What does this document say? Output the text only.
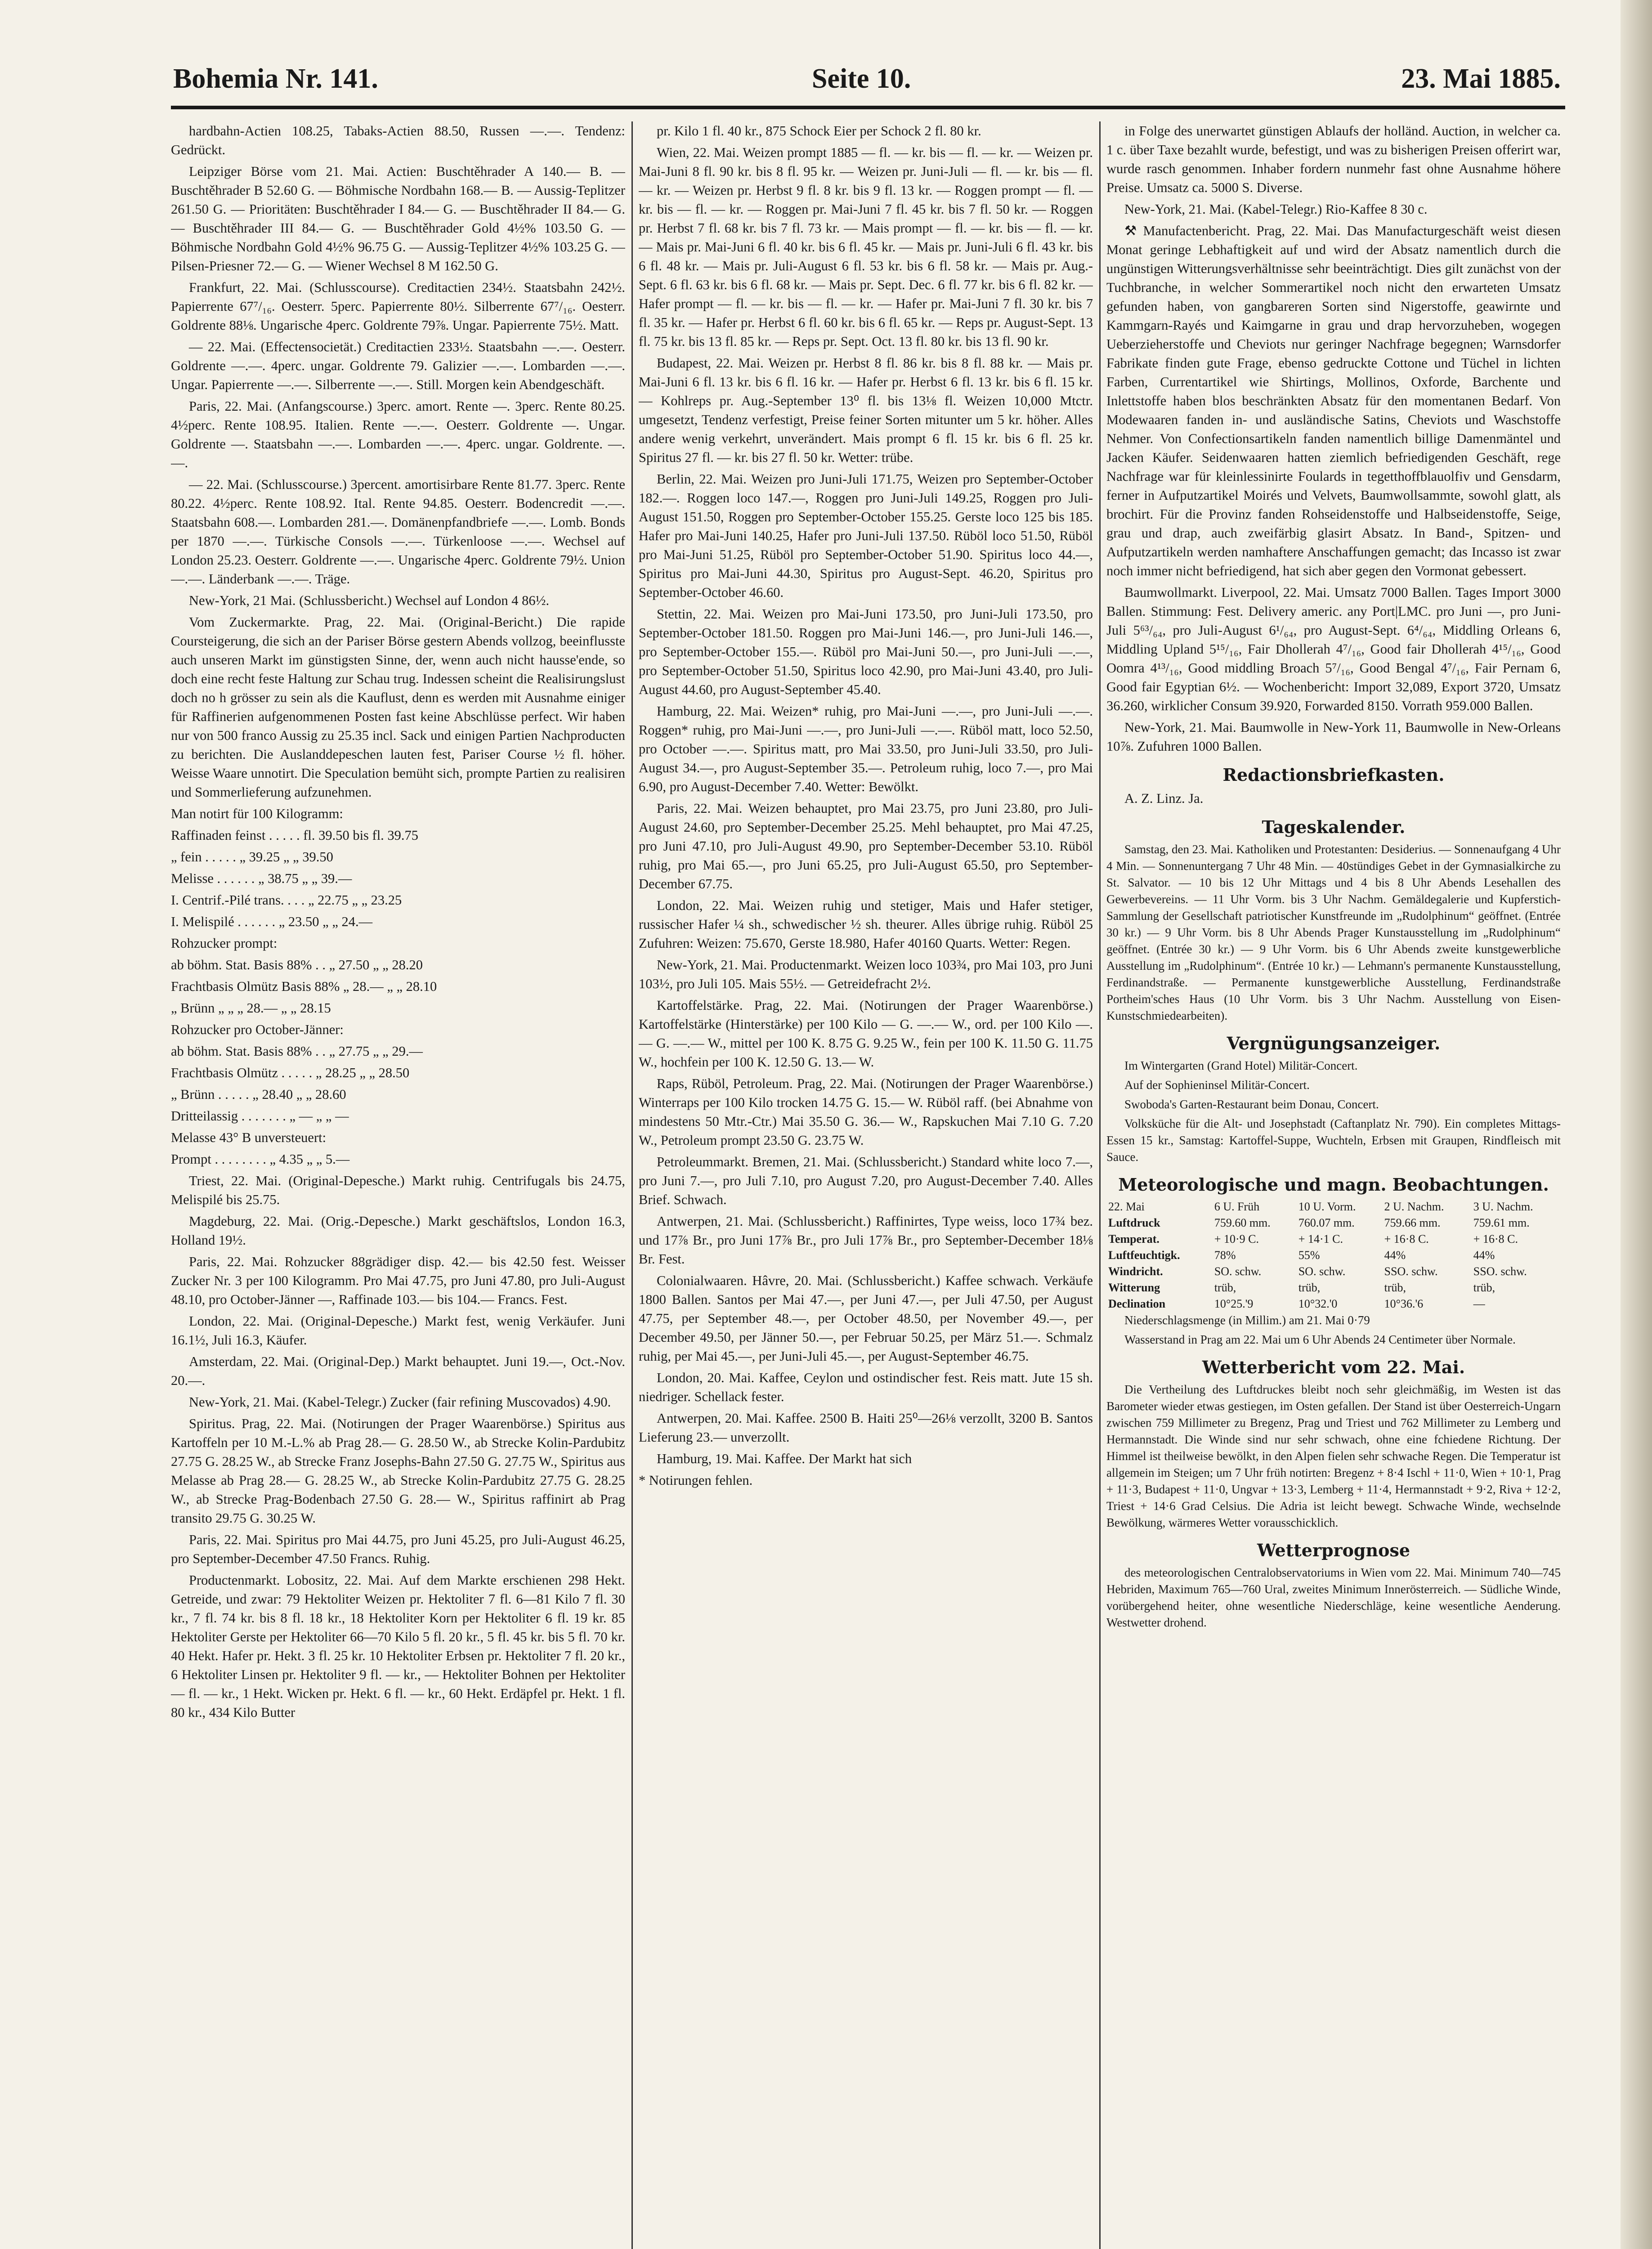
Bohemia Nr. 141.	Seite 10.	23. Mai 1885.

hardbahn-Actien 108.25, Tabaks-Actien 88.50, Russen —.—. Tendenz: Gedrückt.

Leipziger Börse vom 21. Mai. Actien: Buschtěhrader A 140.— B. — Buschtěhrader B 52.60 G. — Böhmische Nordbahn 168.— B. — Aussig-Teplitzer 261.50 G. — Prioritäten: Buschtěhrader I 84.— G. — Buschtěhrader II 84.— G. — Buschtěhrader III 84.— G. — Buschtěhrader Gold 4½% 103.50 G. — Böhmische Nordbahn Gold 4½% 96.75 G. — Aussig-Teplitzer 4½% 103.25 G. — Pilsen-Priesner 72.— G. — Wiener Wechsel 8 M 162.50 G.

Frankfurt, 22. Mai. (Schlusscourse). Creditactien 234½. Staatsbahn 242½. Papierrente 67⁷/₁₆. Oesterr. 5perc. Papierrente 80½. Silberrente 67⁷/₁₆. Oesterr. Goldrente 88⅛. Ungarische 4perc. Goldrente 79⅞. Ungar. Papierrente 75½. Matt.

— 22. Mai. (Effectensocietät.) Creditactien 233½. Staatsbahn —.—. Oesterr. Goldrente —.—. 4perc. ungar. Goldrente 79. Galizier —.—. Lombarden —.—. Ungar. Papierrente —.—. Silberrente —.—. Still. Morgen kein Abendgeschäft.

Paris, 22. Mai. (Anfangscourse.) 3perc. amort. Rente —. 3perc. Rente 80.25. 4½perc. Rente 108.95. Italien. Rente —.—. Oesterr. Goldrente —. Ungar. Goldrente —. Staatsbahn —.—. Lombarden —.—. 4perc. ungar. Goldrente. —.—.

— 22. Mai. (Schlusscourse.) 3percent. amortisirbare Rente 81.77. 3perc. Rente 80.22. 4½perc. Rente 108.92. Ital. Rente 94.85. Oesterr. Bodencredit —.—. Staatsbahn 608.—. Lombarden 281.—. Domänenpfandbriefe —.—. Lomb. Bonds per 1870 —.—. Türkische Consols —.—. Türkenloose —.—. Wechsel auf London 25.23. Oesterr. Goldrente —.—. Ungarische 4perc. Goldrente 79½. Union —.—. Länderbank —.—. Träge.

New-York, 21 Mai. (Schlussbericht.) Wechsel auf London 4 86½.

Vom Zuckermarkte. Prag, 22. Mai. (Original-Bericht.) Die rapide Coursteigerung, die sich an der Pariser Börse gestern Abends vollzog, beeinflusste auch unseren Markt im günstigsten Sinne, der, wenn auch nicht hausse'ende, so doch eine recht feste Haltung zur Schau trug. Indessen scheint die Realisirungslust doch no h grösser zu sein als die Kauflust, denn es werden mit Ausnahme einiger für Raffinerien aufgenommenen Posten fast keine Abschlüsse perfect. Wir haben nur von 500 franco Aussig zu 25.35 incl. Sack und einigen Partien Nachproducten zu berichten. Die Auslanddepeschen lauten fest, Pariser Course ½ fl. höher. Weisse Waare unnotirt. Die Speculation bemüht sich, prompte Partien zu realisiren und Sommerlieferung aufzunehmen.

Man notirt für 100 Kilogramm:

Raffinaden feinst . . . . . fl. 39.50 bis fl. 39.75

„ fein . . . . . „ 39.25 „ „ 39.50

Melisse . . . . . . „ 38.75 „ „ 39.—

I. Centrif.-Pilé trans. . . . „ 22.75 „ „ 23.25

I. Melispilé . . . . . . „ 23.50 „ „ 24.—

Rohzucker prompt:

ab böhm. Stat. Basis 88% . . „ 27.50 „ „ 28.20

Frachtbasis Olmütz Basis 88% „ 28.— „ „ 28.10

„ Brünn „ „ „ 28.— „ „ 28.15

Rohzucker pro October-Jänner:

ab böhm. Stat. Basis 88% . . „ 27.75 „ „ 29.—

Frachtbasis Olmütz . . . . . „ 28.25 „ „ 28.50

„ Brünn . . . . . „ 28.40 „ „ 28.60

Dritteilassig . . . . . . . „ — „ „ —

Melasse 43° B unversteuert:

Prompt . . . . . . . . „ 4.35 „ „ 5.—

Triest, 22. Mai. (Original-Depesche.) Markt ruhig. Centrifugals bis 24.75, Melispilé bis 25.75.

Magdeburg, 22. Mai. (Orig.-Depesche.) Markt geschäftslos, London 16.3, Holland 19½.

Paris, 22. Mai. Rohzucker 88grädiger disp. 42.— bis 42.50 fest. Weisser Zucker Nr. 3 per 100 Kilogramm. Pro Mai 47.75, pro Juni 47.80, pro Juli-August 48.10, pro October-Jänner —, Raffinade 103.— bis 104.— Francs. Fest.

London, 22. Mai. (Original-Depesche.) Markt fest, wenig Verkäufer. Juni 16.1½, Juli 16.3, Käufer.

Amsterdam, 22. Mai. (Original-Dep.) Markt behauptet. Juni 19.—, Oct.-Nov. 20.—.

New-York, 21. Mai. (Kabel-Telegr.) Zucker (fair refining Muscovados) 4.90.

Spiritus. Prag, 22. Mai. (Notirungen der Prager Waarenbörse.) Spiritus aus Kartoffeln per 10 M.-L.% ab Prag 28.— G. 28.50 W., ab Strecke Kolin-Pardubitz 27.75 G. 28.25 W., ab Strecke Franz Josephs-Bahn 27.50 G. 27.75 W., Spiritus aus Melasse ab Prag 28.— G. 28.25 W., ab Strecke Kolin-Pardubitz 27.75 G. 28.25 W., ab Strecke Prag-Bodenbach 27.50 G. 28.— W., Spiritus raffinirt ab Prag transito 29.75 G. 30.25 W.

Paris, 22. Mai. Spiritus pro Mai 44.75, pro Juni 45.25, pro Juli-August 46.25, pro September-December 47.50 Francs. Ruhig.

Productenmarkt. Lobositz, 22. Mai. Auf dem Markte erschienen 298 Hekt. Getreide, und zwar: 79 Hektoliter Weizen pr. Hektoliter 7 fl. 6—81 Kilo 7 fl. 30 kr., 7 fl. 74 kr. bis 8 fl. 18 kr., 18 Hektoliter Korn per Hektoliter 6 fl. 19 kr. 85 Hektoliter Gerste per Hektoliter 66—70 Kilo 5 fl. 20 kr., 5 fl. 45 kr. bis 5 fl. 70 kr. 40 Hekt. Hafer pr. Hekt. 3 fl. 25 kr. 10 Hektoliter Erbsen pr. Hektoliter 7 fl. 20 kr., 6 Hektoliter Linsen pr. Hektoliter 9 fl. — kr., — Hektoliter Bohnen per Hektoliter — fl. — kr., 1 Hekt. Wicken pr. Hekt. 6 fl. — kr., 60 Hekt. Erdäpfel pr. Hekt. 1 fl. 80 kr., 434 Kilo Butter

pr. Kilo 1 fl. 40 kr., 875 Schock Eier per Schock 2 fl. 80 kr.

Wien, 22. Mai. Weizen prompt 1885 — fl. — kr. bis — fl. — kr. — Weizen pr. Mai-Juni 8 fl. 90 kr. bis 8 fl. 95 kr. — Weizen pr. Juni-Juli — fl. — kr. bis — fl. — kr. — Weizen pr. Herbst 9 fl. 8 kr. bis 9 fl. 13 kr. — Roggen prompt — fl. — kr. bis — fl. — kr. — Roggen pr. Mai-Juni 7 fl. 45 kr. bis 7 fl. 50 kr. — Roggen pr. Herbst 7 fl. 68 kr. bis 7 fl. 73 kr. — Mais prompt — fl. — kr. bis — fl. — kr. — Mais pr. Mai-Juni 6 fl. 40 kr. bis 6 fl. 45 kr. — Mais pr. Juni-Juli 6 fl. 43 kr. bis 6 fl. 48 kr. — Mais pr. Juli-August 6 fl. 53 kr. bis 6 fl. 58 kr. — Mais pr. Aug.-Sept. 6 fl. 63 kr. bis 6 fl. 68 kr. — Mais pr. Sept. Dec. 6 fl. 77 kr. bis 6 fl. 82 kr. — Hafer prompt — fl. — kr. bis — fl. — kr. — Hafer pr. Mai-Juni 7 fl. 30 kr. bis 7 fl. 35 kr. — Hafer pr. Herbst 6 fl. 60 kr. bis 6 fl. 65 kr. — Reps pr. August-Sept. 13 fl. 75 kr. bis 13 fl. 85 kr. — Reps pr. Sept. Oct. 13 fl. 80 kr. bis 13 fl. 90 kr.

Budapest, 22. Mai. Weizen pr. Herbst 8 fl. 86 kr. bis 8 fl. 88 kr. — Mais pr. Mai-Juni 6 fl. 13 kr. bis 6 fl. 16 kr. — Hafer pr. Herbst 6 fl. 13 kr. bis 6 fl. 15 kr. — Kohlreps pr. Aug.-September 13⁰ fl. bis 13⅛ fl. Weizen 10,000 Mtctr. umgesetzt, Tendenz verfestigt, Preise feiner Sorten mitunter um 5 kr. höher. Alles andere wenig verkehrt, unverändert. Mais prompt 6 fl. 15 kr. bis 6 fl. 25 kr. Spiritus 27 fl. — kr. bis 27 fl. 50 kr. Wetter: trübe.

Berlin, 22. Mai. Weizen pro Juni-Juli 171.75, Weizen pro September-October 182.—. Roggen loco 147.—, Roggen pro Juni-Juli 149.25, Roggen pro Juli-August 151.50, Roggen pro September-October 155.25. Gerste loco 125 bis 185. Hafer pro Mai-Juni 140.25, Hafer pro Juni-Juli 137.50. Rüböl loco 51.50, Rüböl pro Mai-Juni 51.25, Rüböl pro September-October 51.90. Spiritus loco 44.—, Spiritus pro Mai-Juni 44.30, Spiritus pro August-Sept. 46.20, Spiritus pro September-October 46.60.

Stettin, 22. Mai. Weizen pro Mai-Juni 173.50, pro Juni-Juli 173.50, pro September-October 181.50. Roggen pro Mai-Juni 146.—, pro Juni-Juli 146.—, pro September-October 155.—. Rüböl pro Mai-Juni 50.—, pro Juni-Juli —.—, pro September-October 51.50, Spiritus loco 42.90, pro Mai-Juni 43.40, pro Juli-August 44.60, pro August-September 45.40.

Hamburg, 22. Mai. Weizen* ruhig, pro Mai-Juni —.—, pro Juni-Juli —.—. Roggen* ruhig, pro Mai-Juni —.—, pro Juni-Juli —.—. Rüböl matt, loco 52.50, pro October —.—. Spiritus matt, pro Mai 33.50, pro Juni-Juli 33.50, pro Juli-August 34.—, pro August-September 35.—. Petroleum ruhig, loco 7.—, pro Mai 6.90, pro August-December 7.40. Wetter: Bewölkt.

Paris, 22. Mai. Weizen behauptet, pro Mai 23.75, pro Juni 23.80, pro Juli-August 24.60, pro September-December 25.25. Mehl behauptet, pro Mai 47.25, pro Juni 47.10, pro Juli-August 49.90, pro September-December 53.10. Rüböl ruhig, pro Mai 65.—, pro Juni 65.25, pro Juli-August 65.50, pro September-December 67.75.

London, 22. Mai. Weizen ruhig und stetiger, Mais und Hafer stetiger, russischer Hafer ¼ sh., schwedischer ½ sh. theurer. Alles übrige ruhig. Rüböl 25 Zufuhren: Weizen: 75.670, Gerste 18.980, Hafer 40160 Quarts. Wetter: Regen.

New-York, 21. Mai. Productenmarkt. Weizen loco 103¾, pro Mai 103, pro Juni 103½, pro Juli 105. Mais 55½. — Getreidefracht 2½.

Kartoffelstärke. Prag, 22. Mai. (Notirungen der Prager Waarenbörse.) Kartoffelstärke (Hinterstärke) per 100 Kilo — G. —.— W., ord. per 100 Kilo —.— G. —.— W., mittel per 100 K. 8.75 G. 9.25 W., fein per 100 K. 11.50 G. 11.75 W., hochfein per 100 K. 12.50 G. 13.— W.

Raps, Rüböl, Petroleum. Prag, 22. Mai. (Notirungen der Prager Waarenbörse.) Winterraps per 100 Kilo trocken 14.75 G. 15.— W. Rüböl raff. (bei Abnahme von mindestens 50 Mtr.-Ctr.) Mai 35.50 G. 36.— W., Rapskuchen Mai 7.10 G. 7.20 W., Petroleum prompt 23.50 G. 23.75 W.

Petroleummarkt. Bremen, 21. Mai. (Schlussbericht.) Standard white loco 7.—, pro Juni 7.—, pro Juli 7.10, pro August 7.20, pro August-December 7.40. Alles Brief. Schwach.

Antwerpen, 21. Mai. (Schlussbericht.) Raffinirtes, Type weiss, loco 17¾ bez. und 17⅞ Br., pro Juni 17⅞ Br., pro Juli 17⅞ Br., pro September-December 18⅛ Br. Fest.

Colonialwaaren. Hâvre, 20. Mai. (Schlussbericht.) Kaffee schwach. Verkäufe 1800 Ballen. Santos per Mai 47.—, per Juni 47.—, per Juli 47.50, per August 47.75, per September 48.—, per October 48.50, per November 49.—, per December 49.50, per Jänner 50.—, per Februar 50.25, per März 51.—. Schmalz ruhig, per Mai 45.—, per Juni-Juli 45.—, per August-September 46.75.

London, 20. Mai. Kaffee, Ceylon und ostindischer fest. Reis matt. Jute 15 sh. niedriger. Schellack fester.

Antwerpen, 20. Mai. Kaffee. 2500 B. Haiti 25⁰—26⅛ verzollt, 3200 B. Santos Lieferung 23.— unverzollt.

Hamburg, 19. Mai. Kaffee. Der Markt hat sich

* Notirungen fehlen.

in Folge des unerwartet günstigen Ablaufs der holländ. Auction, in welcher ca. 1 c. über Taxe bezahlt wurde, befestigt, und was zu bisherigen Preisen offerirt war, wurde rasch genommen. Inhaber fordern nunmehr fast ohne Ausnahme höhere Preise. Umsatz ca. 5000 S. Diverse.

New-York, 21. Mai. (Kabel-Telegr.) Rio-Kaffee 8 30 c.

⚒ Manufactenbericht. Prag, 22. Mai. Das Manufacturgeschäft weist diesen Monat geringe Lebhaftigkeit auf und wird der Absatz namentlich durch die ungünstigen Witterungsverhältnisse sehr beeinträchtigt. Dies gilt zunächst von der Tuchbranche, in welcher Sommerartikel noch nicht den erwarteten Umsatz gefunden haben, von gangbareren Sorten sind Nigerstoffe, geawirnte und Kammgarn-Rayés und Kaimgarne in grau und drap hervorzuheben, wogegen Ueberzieherstoffe und Cheviots nur geringer Nachfrage begegnen; Warnsdorfer Fabrikate finden gute Frage, ebenso gedruckte Cottone und Tüchel in lichten Farben, Currentartikel wie Shirtings, Mollinos, Oxforde, Barchente und Inlettstoffe haben blos beschränkten Absatz für den momentanen Bedarf. Von Modewaaren fanden in- und ausländische Satins, Cheviots und Waschstoffe Nehmer. Von Confectionsartikeln fanden namentlich billige Damenmäntel und Jacken Käufer. Seidenwaaren hatten ziemlich befriedigenden Geschäft, rege Nachfrage war für kleinlessinirte Foulards in tegetthoffblauolfiv und Gensdarm, ferner in Aufputzartikel Moirés und Velvets, Baumwollsammte, sowohl glatt, als brochirt. Für die Provinz fanden Rohseidenstoffe und Halbseidenstoffe, Seige, grau und drap, auch zweifärbig glasirt Absatz. In Band-, Spitzen- und Aufputzartikeln werden namhaftere Anschaffungen gemacht; das Incasso ist zwar noch immer nicht befriedigend, hat sich aber gegen den Vormonat gebessert.

Baumwollmarkt. Liverpool, 22. Mai. Umsatz 7000 Ballen. Tages Import 3000 Ballen. Stimmung: Fest. Delivery americ. any Port|LMC. pro Juni —, pro Juni-Juli 5⁶³/₆₄, pro Juli-August 6¹/₆₄, pro August-Sept. 6⁴/₆₄, Middling Orleans 6, Middling Upland 5¹⁵/₁₆, Fair Dhollerah 4⁷/₁₆, Good fair Dhollerah 4¹⁵/₁₆, Good Oomra 4¹³/₁₆, Good middling Broach 5⁷/₁₆, Good Bengal 4⁷/₁₆, Fair Pernam 6, Good fair Egyptian 6½. — Wochenbericht: Import 32,089, Export 3720, Umsatz 36.260, wirklicher Consum 39.920, Forwarded 8150. Vorrath 959.000 Ballen.

New-York, 21. Mai. Baumwolle in New-York 11, Baumwolle in New-Orleans 10⅞. Zufuhren 1000 Ballen.

Redactionsbriefkasten.

A. Z. Linz. Ja.

Tageskalender.

Samstag, den 23. Mai. Katholiken und Protestanten: Desiderius. — Sonnenaufgang 4 Uhr 4 Min. — Sonnenuntergang 7 Uhr 48 Min. — 40stündiges Gebet in der Gymnasialkirche zu St. Salvator. — 10 bis 12 Uhr Mittags und 4 bis 8 Uhr Abends Lesehallen des Gewerbevereins. — 11 Uhr Vorm. bis 3 Uhr Nachm. Gemäldegalerie und Kupferstich-Sammlung der Gesellschaft patriotischer Kunstfreunde im „Rudolphinum“ geöffnet. (Entrée 30 kr.) — 9 Uhr Vorm. bis 8 Uhr Abends Prager Kunstausstellung im „Rudolphinum“ geöffnet. (Entrée 30 kr.) — 9 Uhr Vorm. bis 6 Uhr Abends zweite kunstgewerbliche Ausstellung im „Rudolphinum“. (Entrée 10 kr.) — Lehmann's permanente Kunstausstellung, Ferdinandstraße. — Permanente kunstgewerbliche Ausstellung, Ferdinandstraße Portheim'sches Haus (10 Uhr Vorm. bis 3 Uhr Nachm. Ausstellung von Eisen-Kunstschmiedearbeiten).

Vergnügungsanzeiger.

Im Wintergarten (Grand Hotel) Militär-Concert.

Auf der Sophieninsel Militär-Concert.

Swoboda's Garten-Restaurant beim Donau, Concert.

Volksküche für die Alt- und Josephstadt (Caftanplatz Nr. 790). Ein completes Mittags-Essen 15 kr., Samstag: Kartoffel-Suppe, Wuchteln, Erbsen mit Graupen, Rindfleisch mit Sauce.

Meteorologische und magn. Beobachtungen.

22. Mai	6 U. Früh	10 U. Vorm.	2 U. Nachm.	3 U. Nachm.
Luftdruck	759.60 mm.	760.07 mm.	759.66 mm.	759.61 mm.
Temperat.	+ 10·9 C.	+ 14·1 C.	+ 16·8 C.	+ 16·8 C.
Luftfeuchtigk.	78%	55%	44%	44%
Windricht.	SO. schw.	SO. schw.	SSO. schw.	SSO. schw.
Witterung	trüb,	trüb,	trüb,	trüb,
Declination	10°25.'9	10°32.'0	10°36.'6	—

Niederschlagsmenge (in Millim.) am 21. Mai 0·79

Wasserstand in Prag am 22. Mai um 6 Uhr Abends 24 Centimeter über Normale.

Wetterbericht vom 22. Mai.

Die Vertheilung des Luftdruckes bleibt noch sehr gleichmäßig, im Westen ist das Barometer wieder etwas gestiegen, im Osten gefallen. Der Stand ist über Oesterreich-Ungarn zwischen 759 Millimeter zu Bregenz, Prag und Triest und 762 Millimeter zu Lemberg und Hermannstadt. Die Winde sind nur sehr schwach, ohne eine fchiedene Richtung. Der Himmel ist theilweise bewölkt, in den Alpen fielen sehr schwache Regen. Die Temperatur ist allgemein im Steigen; um 7 Uhr früh notirten: Bregenz + 8·4 Ischl + 11·0, Wien + 10·1, Prag + 11·3, Budapest + 11·0, Ungvar + 13·3, Lemberg + 11·4, Hermannstadt + 9·2, Riva + 12·2, Triest + 14·6 Grad Celsius. Die Adria ist leicht bewegt. Schwache Winde, wechselnde Bewölkung, wärmeres Wetter vorausschicklich.

Wetterprognose

des meteorologischen Centralobservatoriums in Wien vom 22. Mai. Minimum 740—745 Hebriden, Maximum 765—760 Ural, zweites Minimum Innerösterreich. — Südliche Winde, vorübergehend heiter, ohne wesentliche Niederschläge, keine wesentliche Aenderung. Westwetter drohend.
